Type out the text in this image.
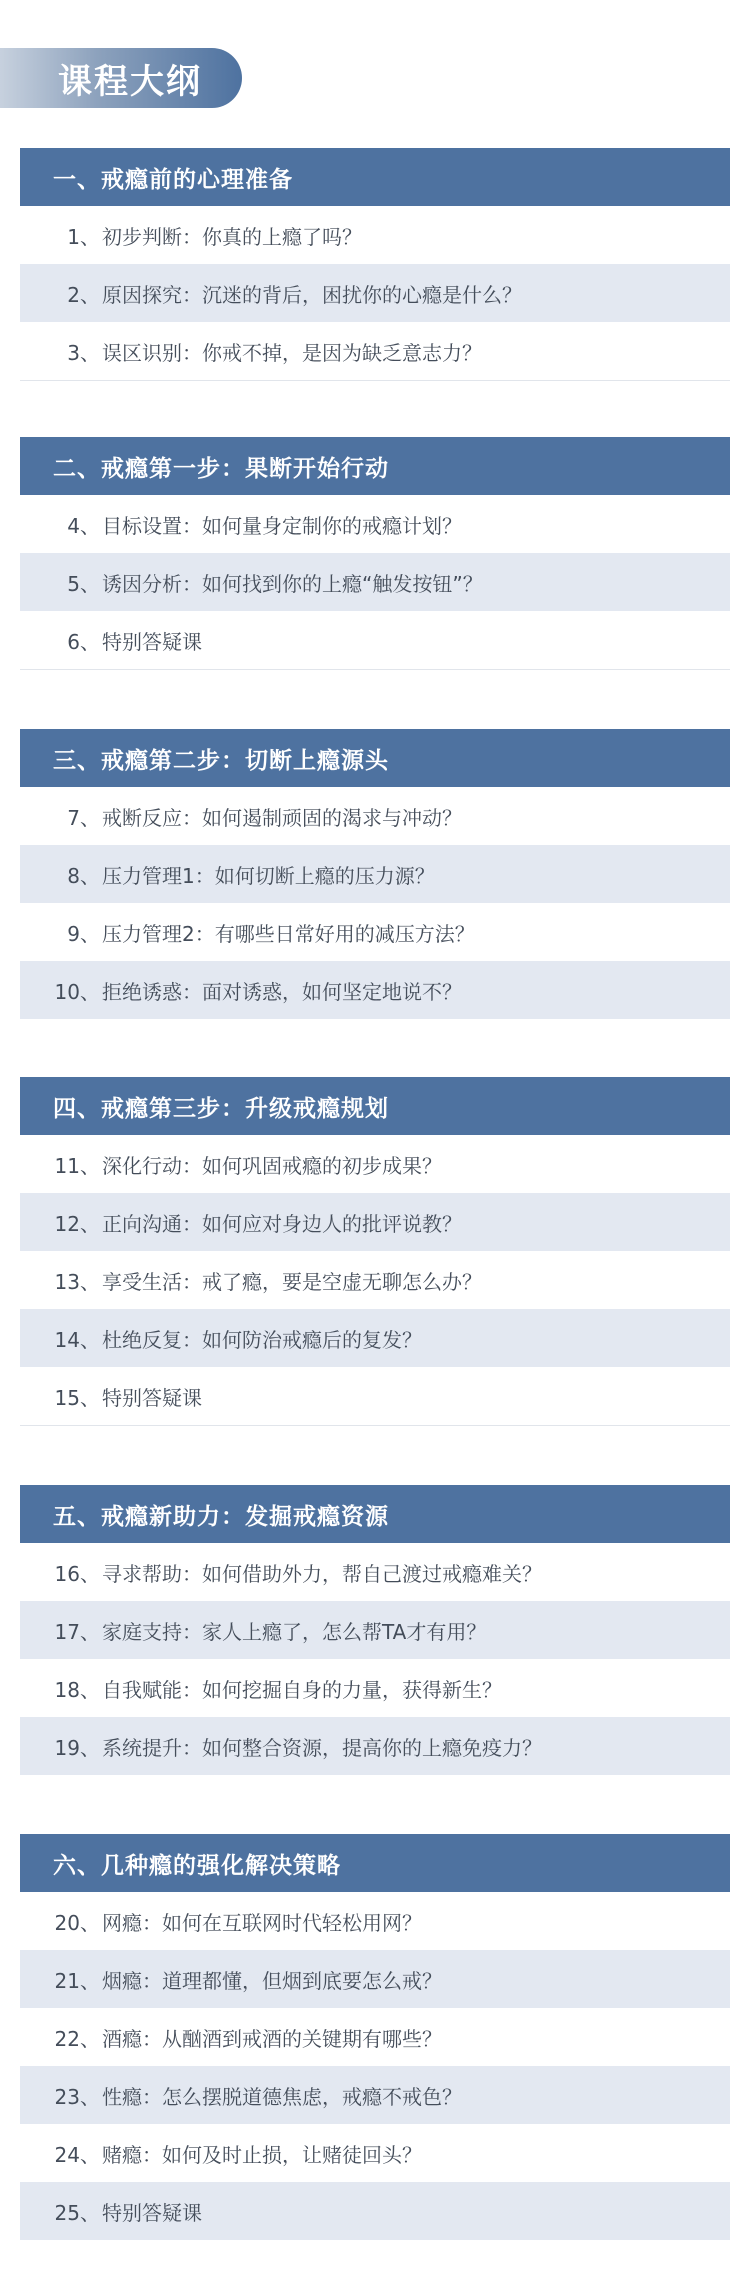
课程大纲
一、戒瘾前的心理准备
1、 初步判断：你真的上瘾了吗？
2、 原因探究：沉迷的背后，困扰你的心瘾是什么？
3、 误区识别：你戒不掉，是因为缺乏意志力？
二、戒瘾第一步：果断开始行动
4、 目标设置：如何量身定制你的戒瘾计划？
5、 诱因分析：如何找到你的上瘾“触发按钮”？
6、 特别答疑课
三、戒瘾第二步：切断上瘾源头
7、 戒断反应：如何遏制顽固的渴求与冲动？
8、 压力管理1：如何切断上瘾的压力源？
9、 压力管理2：有哪些日常好用的减压方法？
10、 拒绝诱惑：面对诱惑，如何坚定地说不？
四、戒瘾第三步：升级戒瘾规划
11、 深化行动：如何巩固戒瘾的初步成果？
12、 正向沟通：如何应对身边人的批评说教？
13、 享受生活：戒了瘾，要是空虚无聊怎么办？
14、 杜绝反复：如何防治戒瘾后的复发？
15、 特别答疑课
五、戒瘾新助力：发掘戒瘾资源
16、 寻求帮助：如何借助外力，帮自己渡过戒瘾难关？
17、 家庭支持：家人上瘾了，怎么帮TA才有用？
18、 自我赋能：如何挖掘自身的力量，获得新生？
19、 系统提升：如何整合资源，提高你的上瘾免疫力？
六、几种瘾的强化解决策略
20、 网瘾：如何在互联网时代轻松用网？
21、 烟瘾：道理都懂，但烟到底要怎么戒？
22、 酒瘾：从酗酒到戒酒的关键期有哪些？
23、 性瘾：怎么摆脱道德焦虑，戒瘾不戒色？
24、 赌瘾：如何及时止损，让赌徒回头？
25、 特别答疑课
